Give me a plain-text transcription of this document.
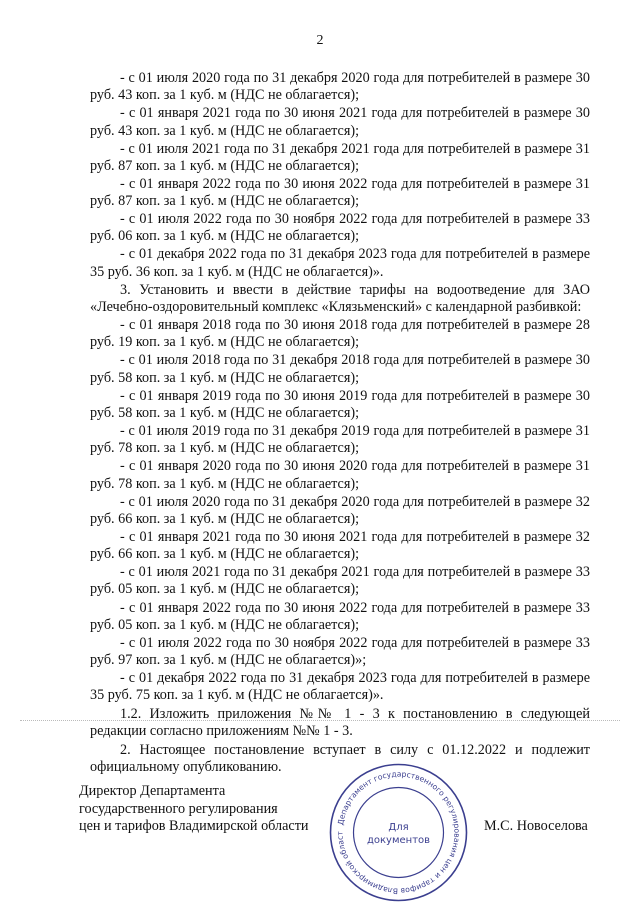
2

- с 01 июля 2020 года по 31 декабря 2020 года для потребителей в размере 30 руб. 43 коп. за 1 куб. м (НДС не облагается);

- с 01 января 2021 года по 30 июня 2021 года для потребителей в размере 30 руб. 43 коп. за 1 куб. м (НДС не облагается);

- с 01 июля 2021 года по 31 декабря 2021 года для потребителей в размере 31 руб. 87 коп. за 1 куб. м (НДС не облагается);

- с 01 января 2022 года по 30 июня 2022 года для потребителей в размере 31 руб. 87 коп. за 1 куб. м (НДС не облагается);

- с 01 июля 2022 года по 30 ноября 2022 года для потребителей в размере 33 руб. 06 коп. за 1 куб. м (НДС не облагается);

- с 01 декабря 2022 года по 31 декабря 2023 года для потребителей в размере 35 руб. 36 коп. за 1 куб. м (НДС не облагается)».

3. Установить и ввести в действие тарифы на водоотведение для ЗАО «Лечебно-оздоровительный комплекс «Клязьменский» с календарной разбивкой:

- с 01 января 2018 года по 30 июня 2018 года для потребителей в размере 28 руб. 19 коп. за 1 куб. м (НДС не облагается);

- с 01 июля 2018 года по 31 декабря 2018 года для потребителей в размере 30 руб. 58 коп. за 1 куб. м (НДС не облагается);

- с 01 января 2019 года по 30 июня 2019 года для потребителей в размере 30 руб. 58 коп. за 1 куб. м (НДС не облагается);

- с 01 июля 2019 года по 31 декабря 2019 года для потребителей в размере 31 руб. 78 коп. за 1 куб. м (НДС не облагается);

- с 01 января 2020 года по 30 июня 2020 года для потребителей в размере 31 руб. 78 коп. за 1 куб. м (НДС не облагается);

- с 01 июля 2020 года по 31 декабря 2020 года для потребителей в размере 32 руб. 66 коп. за 1 куб. м (НДС не облагается);

- с 01 января 2021 года по 30 июня 2021 года для потребителей в размере 32 руб. 66 коп. за 1 куб. м (НДС не облагается);

- с 01 июля 2021 года по 31 декабря 2021 года для потребителей в размере 33 руб. 05 коп. за 1 куб. м (НДС не облагается);

- с 01 января 2022 года по 30 июня 2022 года для потребителей в размере 33 руб. 05 коп. за 1 куб. м (НДС не облагается);

- с 01 июля 2022 года по 30 ноября 2022 года для потребителей в размере 33 руб. 97 коп. за 1 куб. м (НДС не облагается)»;

- с 01 декабря 2022 года по 31 декабря 2023 года для потребителей в размере 35 руб. 75 коп. за 1 куб. м (НДС не облагается)».

1.2. Изложить приложения №№ 1 - 3 к постановлению в следующей редакции согласно приложениям №№ 1 - 3.

2. Настоящее постановление вступает в силу с 01.12.2022 и подлежит официальному опубликованию.

Директор Департамента
государственного регулирования
цен и тарифов Владимирской области	Департамент государственного регулирования цен и тарифов Владимирской област
Для
документов
М.С. Новоселова
